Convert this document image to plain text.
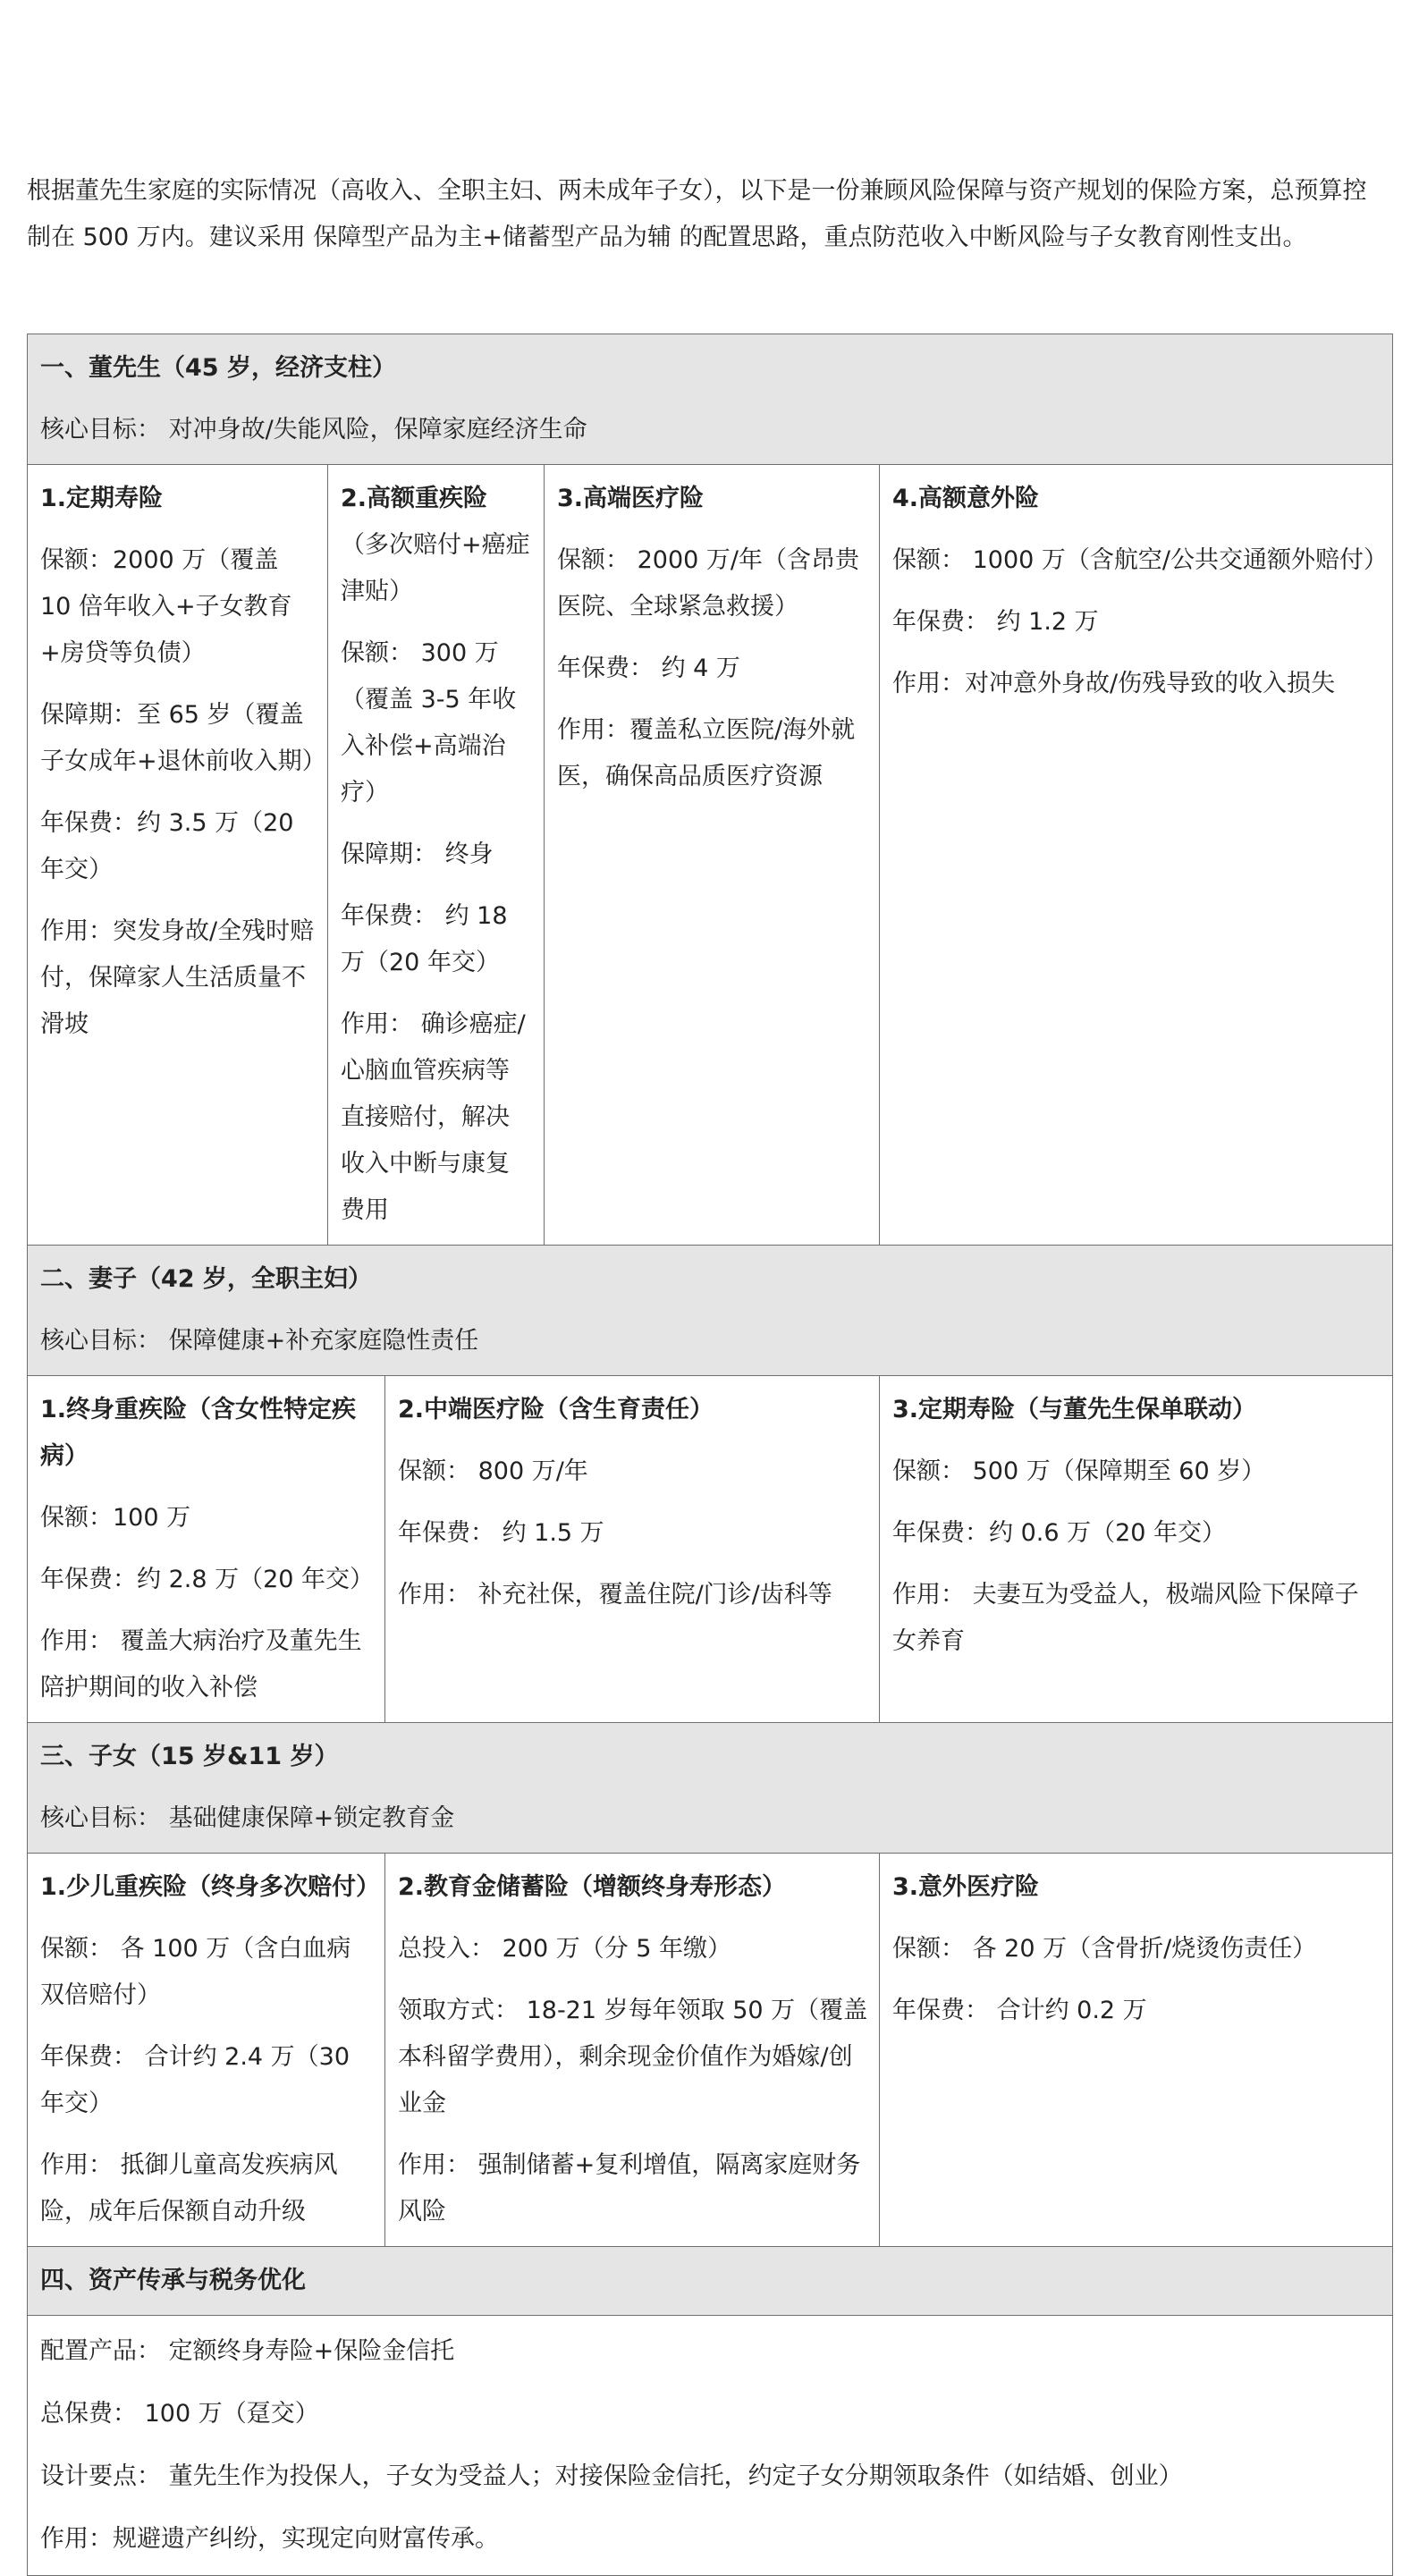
根据董先生家庭的实际情况（高收入、全职主妇、两未成年子女），以下是一份兼顾风险保障与资产规划的保险方案，总预算控制在 500 万内。建议采用 保障型产品为主+储蓄型产品为辅 的配置思路，重点防范收入中断风险与子女教育刚性支出。

一、董先生（45 岁，经济支柱）
核心目标： 对冲身故/失能风险，保障家庭经济生命				

1.定期寿险
保额：2000 万（覆盖 10 倍年收入+子女教育+房贷等负债）
保障期：至 65 岁（覆盖子女成年+退休前收入期）
年保费：约 3.5 万（20 年交）
作用：突发身故/全残时赔付，保障家人生活质量不滑坡	2.高额重疾险（多次赔付+癌症津贴）
保额： 300 万（覆盖 3-5 年收入补偿+高端治疗）
保障期： 终身
年保费： 约 18 万（20 年交）
作用： 确诊癌症/心脑血管疾病等直接赔付，解决收入中断与康复费用		3.高端医疗险
保额： 2000 万/年（含昂贵医院、全球紧急救援）
年保费： 约 4 万
作用：覆盖私立医院/海外就医，确保高品质医疗资源	4.高额意外险
保额： 1000 万（含航空/公共交通额外赔付）
年保费： 约 1.2 万
作用：对冲意外身故/伤残导致的收入损失

二、妻子（42 岁，全职主妇）
核心目标： 保障健康+补充家庭隐性责任				

1.终身重疾险（含女性特定疾病）
保额：100 万
年保费：约 2.8 万（20 年交）
作用： 覆盖大病治疗及董先生陪护期间的收入补偿		2.中端医疗险（含生育责任）
保额： 800 万/年
年保费： 约 1.5 万
作用： 补充社保，覆盖住院/门诊/齿科等		3.定期寿险（与董先生保单联动）
保额： 500 万（保障期至 60 岁）
年保费：约 0.6 万（20 年交）
作用： 夫妻互为受益人，极端风险下保障子女养育

三、子女（15 岁&11 岁）
核心目标： 基础健康保障+锁定教育金				

1.少儿重疾险（终身多次赔付）
保额： 各 100 万（含白血病双倍赔付）
年保费： 合计约 2.4 万（30 年交）
作用： 抵御儿童高发疾病风险，成年后保额自动升级		2.教育金储蓄险（增额终身寿形态）
总投入： 200 万（分 5 年缴）
领取方式： 18-21 岁每年领取 50 万（覆盖本科留学费用），剩余现金价值作为婚嫁/创业金
作用： 强制储蓄+复利增值，隔离家庭财务风险		3.意外医疗险
保额： 各 20 万（含骨折/烧烫伤责任）
年保费： 合计约 0.2 万

四、资产传承与税务优化				

配置产品： 定额终身寿险+保险金信托
总保费： 100 万（趸交）
设计要点： 董先生作为投保人，子女为受益人；对接保险金信托，约定子女分期领取条件（如结婚、创业）
作用：规避遗产纠纷，实现定向财富传承。				
